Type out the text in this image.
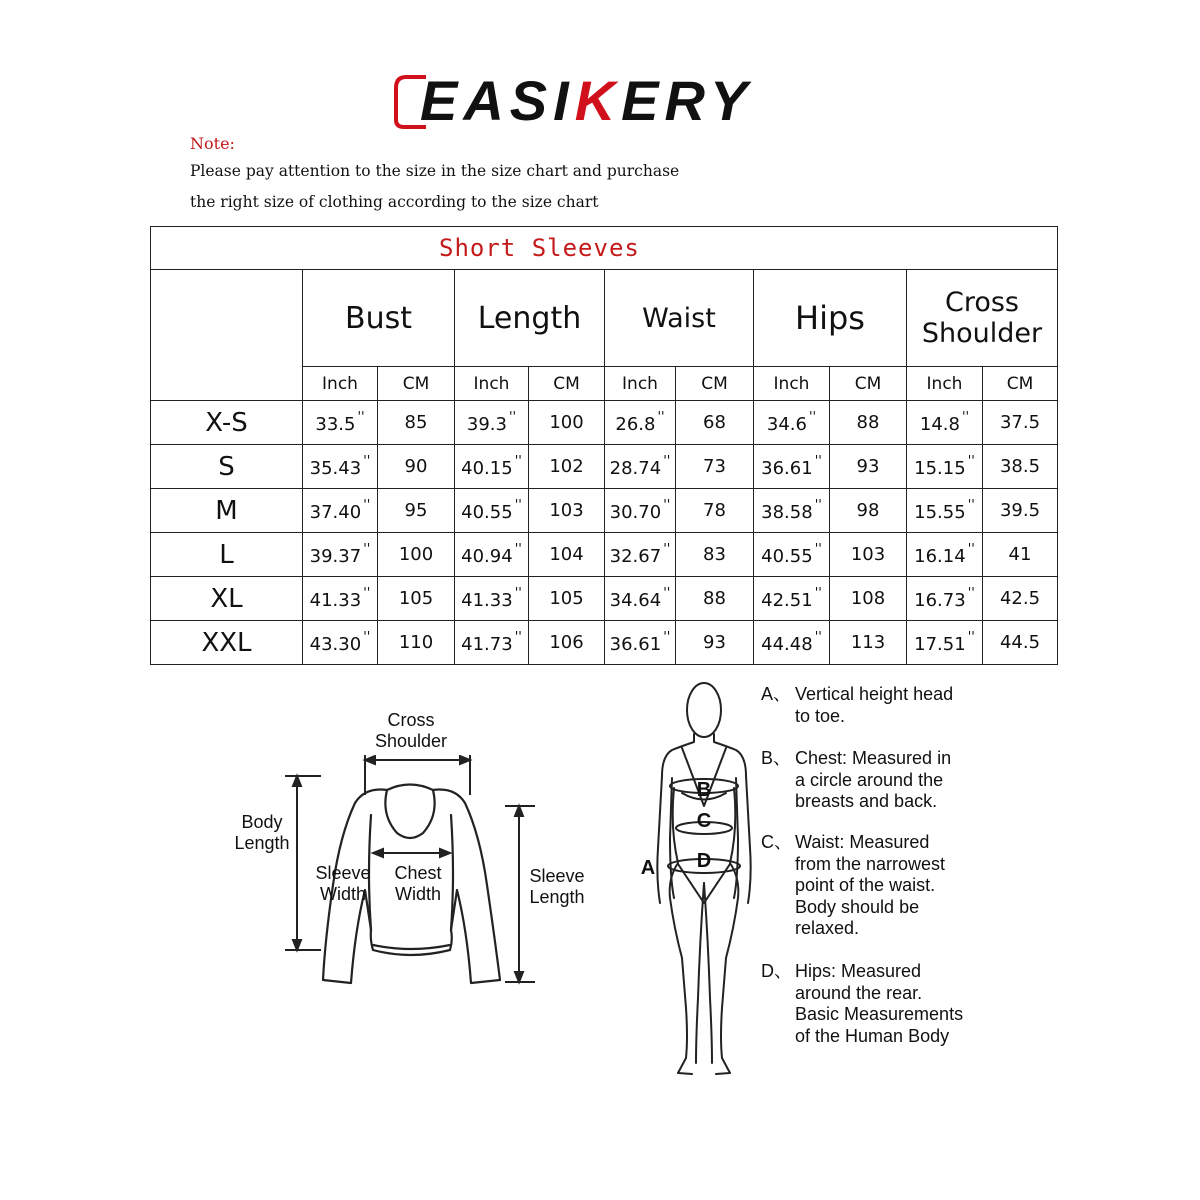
EASIKERY
Note:
Please pay attention to the size in the size chart and purchase
the right size of clothing according to the size chart
Short Sleeves										
	Bust		Length		Waist		Hips		Cross
Shoulder	
	Inch	CM	Inch	CM	Inch	CM	Inch	CM	Inch	CM
X-S	33.5 ''	85	39.3 ''	100	26.8 ''	68	34.6 ''	88	14.8 ''	37.5
S	35.43 ''	90	40.15 ''	102	28.74 ''	73	36.61 ''	93	15.15 ''	38.5
M	37.40 ''	95	40.55 ''	103	30.70 ''	78	38.58 ''	98	15.55 ''	39.5
L	39.37 ''	100	40.94 ''	104	32.67 ''	83	40.55 ''	103	16.14 ''	41
XL	41.33 ''	105	41.33 ''	105	34.64 ''	88	42.51 ''	108	16.73 ''	42.5
XXL	43.30 ''	110	41.73 ''	106	36.61 ''	93	44.48 ''	113	17.51 ''	44.5
Cross
Shoulder
Body
Length
Sleeve
Width
Chest
Width
Sleeve
Length
A
B
C
D
A、 Vertical height head
to toe.
B、 Chest: Measured in
a circle around the
breasts and back.
C、 Waist: Measured
from the narrowest
point of the waist.
Body should be
relaxed.
D、 Hips: Measured
around the rear.
Basic Measurements
of the Human Body
